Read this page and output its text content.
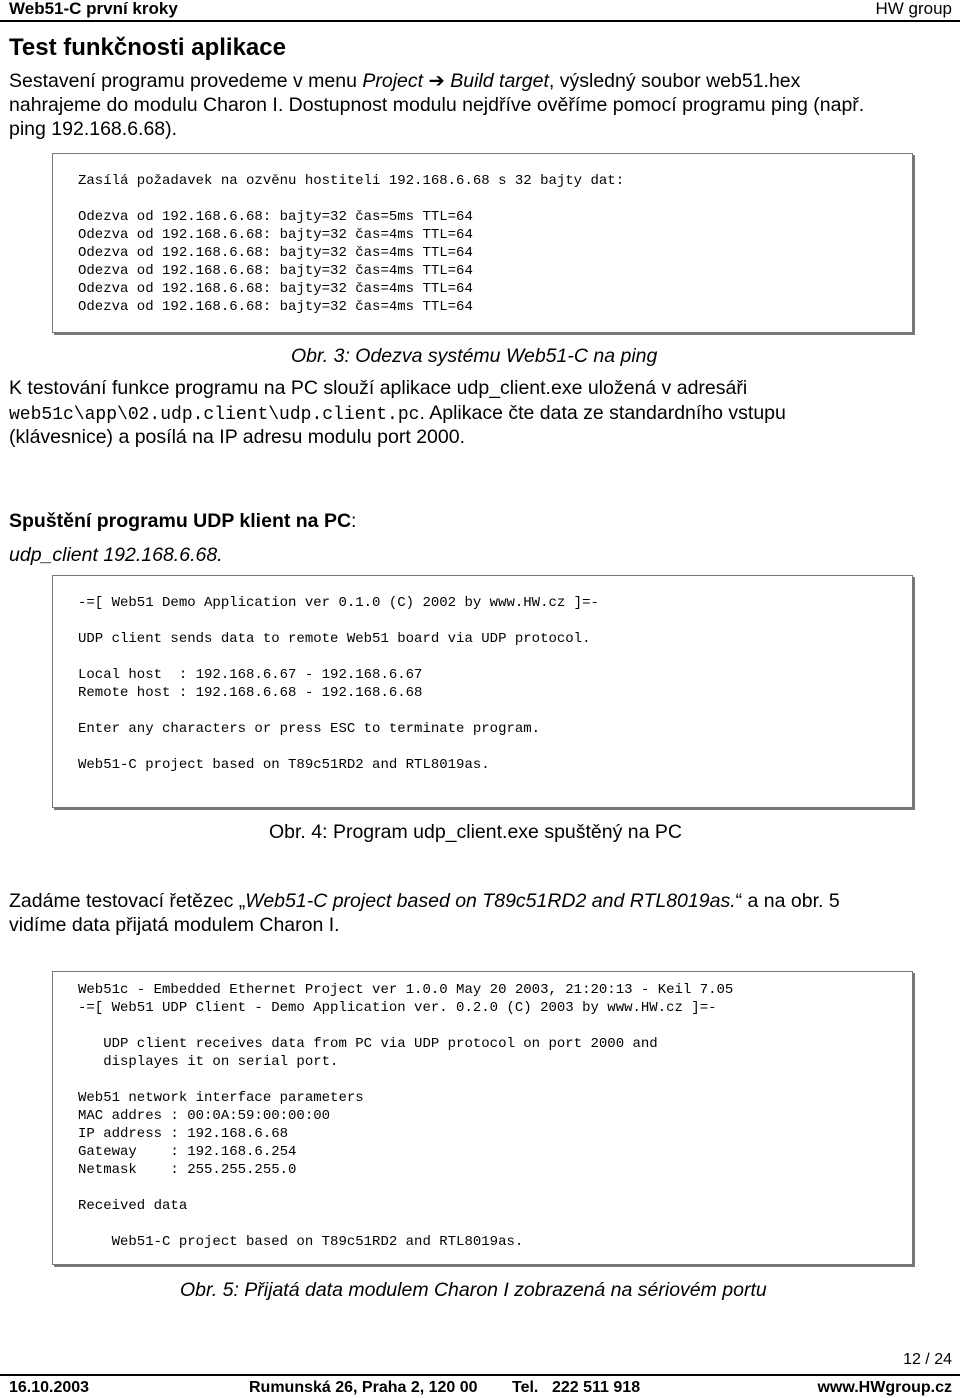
Web51-C první kroky	HW group
Test funkčnosti aplikace
Sestavení programu provedeme v menu Project ➔ Build target, výsledný soubor web51.hex
nahrajeme do modulu Charon I. Dostupnost modulu nejdříve ověříme pomocí programu ping (např.
ping 192.168.6.68).
Zasílá požadavek na ozvěnu hostiteli 192.168.6.68 s 32 bajty dat:
Odezva od 192.168.6.68: bajty=32 čas=5ms TTL=64
Odezva od 192.168.6.68: bajty=32 čas=4ms TTL=64
Odezva od 192.168.6.68: bajty=32 čas=4ms TTL=64
Odezva od 192.168.6.68: bajty=32 čas=4ms TTL=64
Odezva od 192.168.6.68: bajty=32 čas=4ms TTL=64
Odezva od 192.168.6.68: bajty=32 čas=4ms TTL=64
Obr. 3: Odezva systému Web51-C na ping
K testování funkce programu na PC slouží aplikace udp_client.exe uložená v adresáři
web51c\app\02.udp.client\udp.client.pc. Aplikace čte data ze standardního vstupu
(klávesnice) a posílá na IP adresu modulu port 2000.
Spuštění programu UDP klient na PC:
udp_client 192.168.6.68.
-=[ Web51 Demo Application ver 0.1.0 (C) 2002 by www.HW.cz ]=-
UDP client sends data to remote Web51 board via UDP protocol.
Local host  : 192.168.6.67 - 192.168.6.67
Remote host : 192.168.6.68 - 192.168.6.68
Enter any characters or press ESC to terminate program.
Web51-C project based on T89c51RD2 and RTL8019as.
Obr. 4: Program udp_client.exe spuštěný na PC
Zadáme testovací řetězec „Web51-C project based on T89c51RD2 and RTL8019as.“ a na obr. 5
vidíme data přijatá modulem Charon I.
Web51c - Embedded Ethernet Project ver 1.0.0 May 20 2003, 21:20:13 - Keil 7.05
-=[ Web51 UDP Client - Demo Application ver. 0.2.0 (C) 2003 by www.HW.cz ]=-
UDP client receives data from PC via UDP protocol on port 2000 and
displayes it on serial port.
Web51 network interface parameters
MAC addres : 00:0A:59:00:00:00
IP address : 192.168.6.68
Gateway    : 192.168.6.254
Netmask    : 255.255.255.0
Received data
Web51-C project based on T89c51RD2 and RTL8019as.
Obr. 5: Přijatá data modulem Charon I zobrazená na sériovém portu
12 / 24
16.10.2003	Rumunská 26, Praha 2, 120 00 Tel. 222 511 918	www.HWgroup.cz
